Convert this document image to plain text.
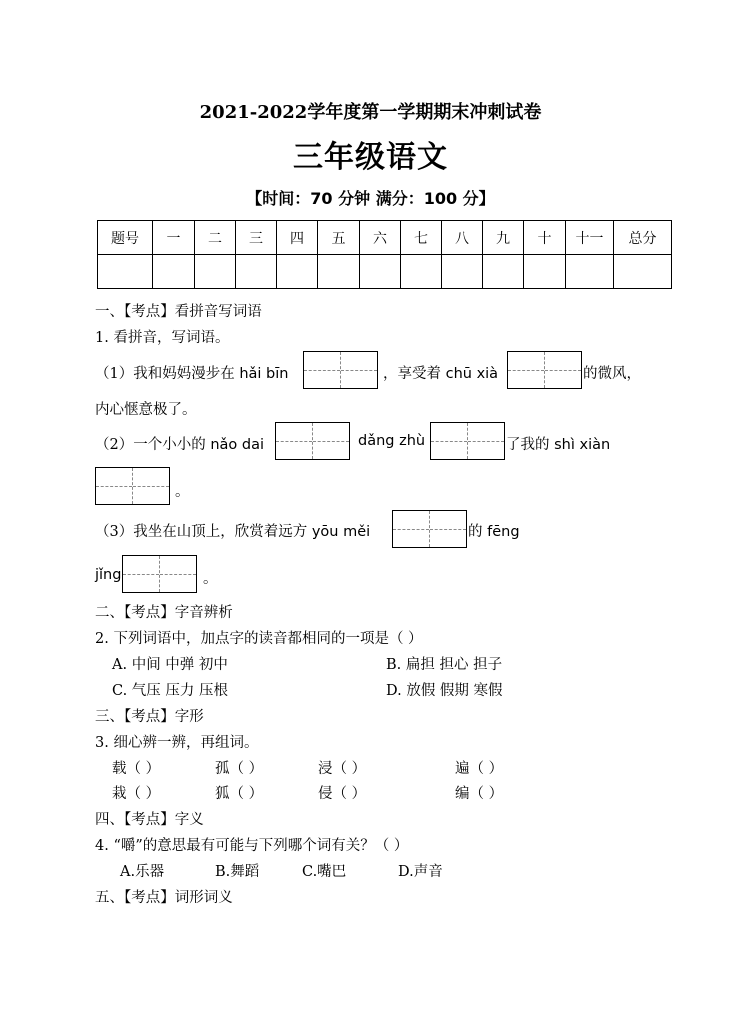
2021-2022学年度第一学期期末冲刺试卷
三年级语文
【时间：70 分钟 满分：100 分】
题号	一	二	三	四	五	六	七	八	九	十	十一	总分

一、【考点】看拼音写词语
1. 看拼音，写词语。
（1）我和妈妈漫步在 hǎi bīn	，享受着 chū xià	的微风，
内心惬意极了。
（2）一个小小的 nǎo dai	dǎng zhù	了我的 shì xiàn
。
（3）我坐在山顶上，欣赏着远方 yōu měi	的 fēng
jǐng	。
二、【考点】字音辨析
2. 下列词语中，加点字的读音都相同的一项是（ ）
A. 中间 中弹 初中	B. 扁担 担心 担子
C. 气压 压力 压根	D. 放假 假期 寒假
三、【考点】字形
3. 细心辨一辨，再组词。
载（ ）	孤（ ）	浸（ ）	遍（ ）
栽（ ）	狐（ ）	侵（ ）	编（ ）
四、【考点】字义
4. “嚼”的意思最有可能与下列哪个词有关？（ ）
A.乐器	B.舞蹈	C.嘴巴	D.声音
五、【考点】词形词义
